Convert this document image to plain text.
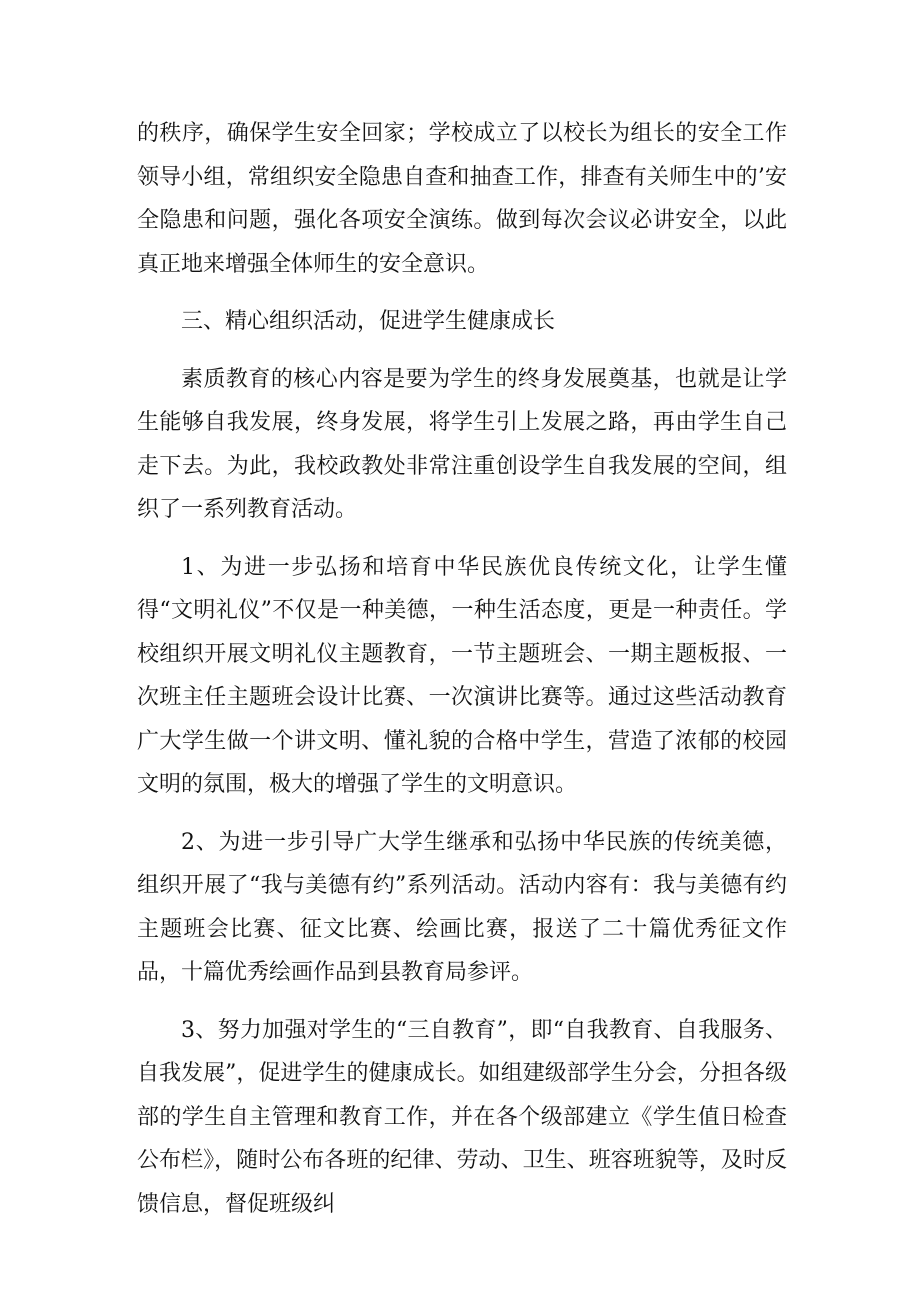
的秩序，确保学生安全回家；学校成立了以校长为组长的安全工作领导小组，常组织安全隐患自查和抽查工作，排查有关师生中的’安全隐患和问题，强化各项安全演练。做到每次会议必讲安全，以此真正地来增强全体师生的安全意识。

三、精心组织活动，促进学生健康成长

素质教育的核心内容是要为学生的终身发展奠基，也就是让学生能够自我发展，终身发展，将学生引上发展之路，再由学生自己走下去。为此，我校政教处非常注重创设学生自我发展的空间，组织了一系列教育活动。

1、为进一步弘扬和培育中华民族优良传统文化，让学生懂得“文明礼仪”不仅是一种美德，一种生活态度，更是一种责任。学校组织开展文明礼仪主题教育，一节主题班会、一期主题板报、一次班主任主题班会设计比赛、一次演讲比赛等。通过这些活动教育广大学生做一个讲文明、懂礼貌的合格中学生，营造了浓郁的校园文明的氛围，极大的增强了学生的文明意识。

2、为进一步引导广大学生继承和弘扬中华民族的传统美德，组织开展了“我与美德有约”系列活动。活动内容有：我与美德有约主题班会比赛、征文比赛、绘画比赛，报送了二十篇优秀征文作品，十篇优秀绘画作品到县教育局参评。

3、努力加强对学生的“三自教育”，即“自我教育、自我服务、自我发展”，促进学生的健康成长。如组建级部学生分会，分担各级部的学生自主管理和教育工作，并在各个级部建立《学生值日检查公布栏》，随时公布各班的纪律、劳动、卫生、班容班貌等，及时反馈信息，督促班级纠
